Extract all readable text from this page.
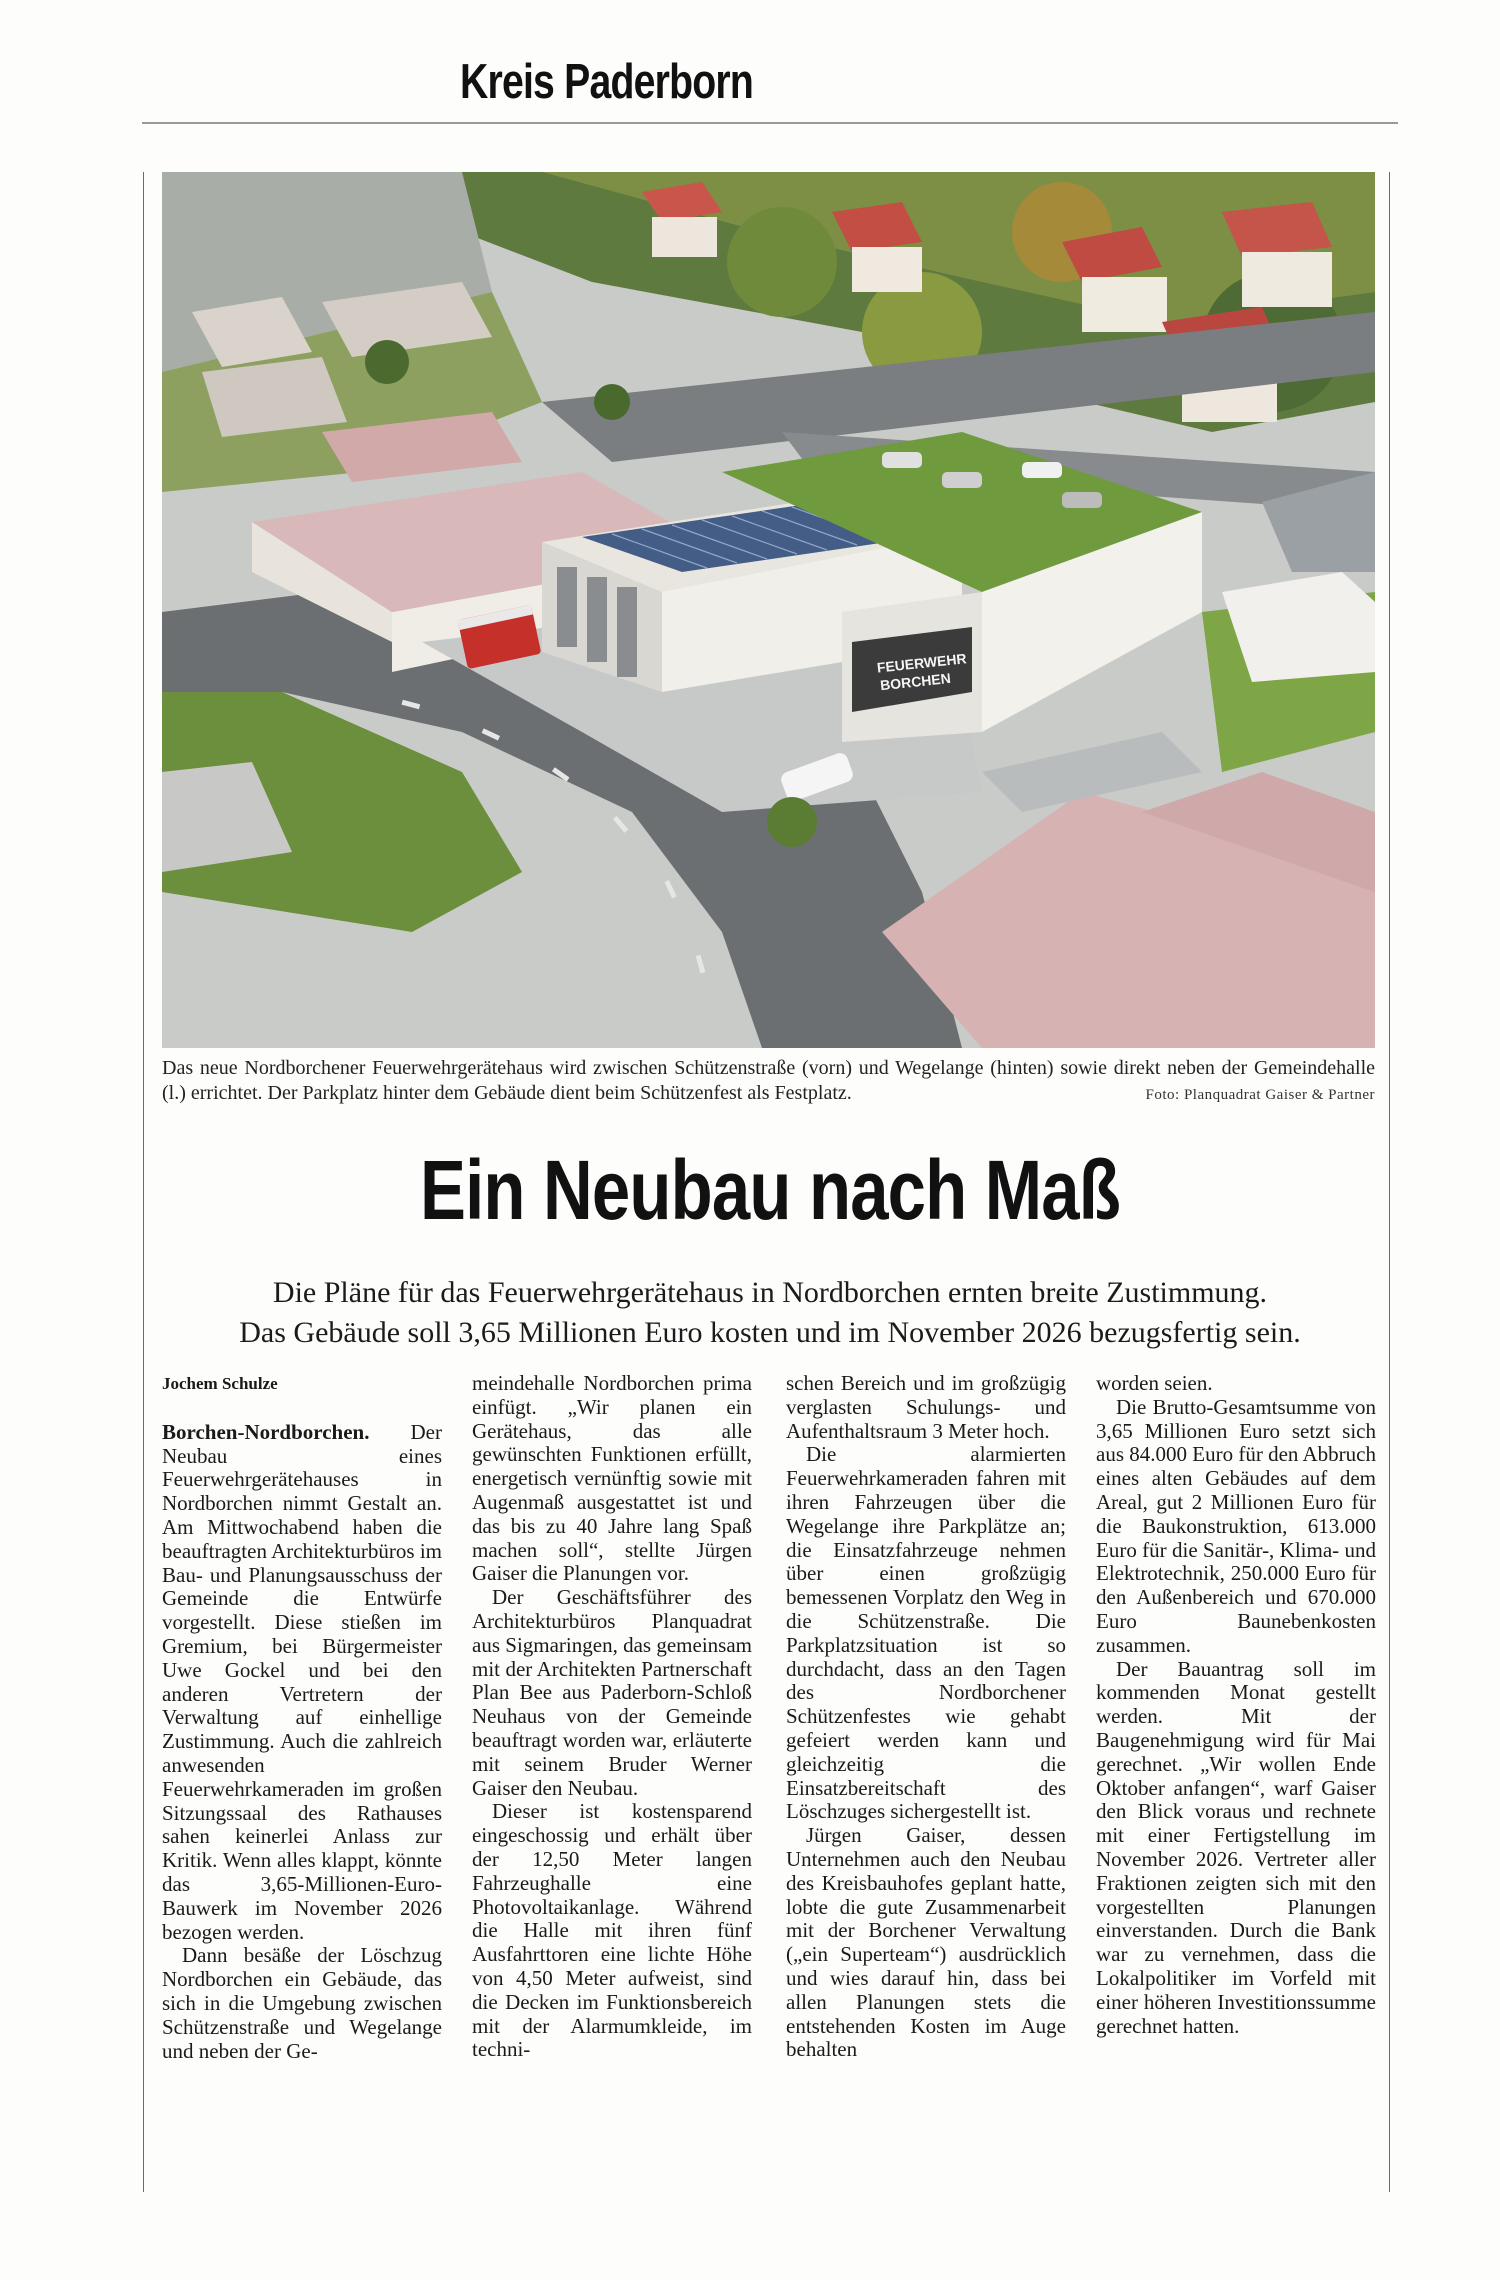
Kreis Paderborn
FEUERWEHR
BORCHEN

Das neue Nordborchener Feuerwehrgerätehaus wird zwischen Schützenstraße (vorn) und Wegelange (hinten) sowie direkt neben der Gemeindehalle (l.) errichtet. Der Parkplatz hinter dem Gebäude dient beim Schützenfest als Festplatz.	Foto: Planquadrat Gaiser & Partner
Ein Neubau nach Maß
Die Pläne für das Feuerwehrgerätehaus in Nordborchen ernten breite Zustimmung.
Das Gebäude soll 3,65 Millionen Euro kosten und im November 2026 bezugsfertig sein.
Jochem Schulze

Borchen-Nordborchen. Der Neubau eines Feuerwehrgerätehauses in Nordborchen nimmt Gestalt an. Am Mittwochabend haben die beauftragten Architekturbüros im Bau- und Planungsausschuss der Gemeinde die Entwürfe vorgestellt. Diese stießen im Gremium, bei Bürgermeister Uwe Gockel und bei den anderen Vertretern der Verwaltung auf einhellige Zustimmung. Auch die zahlreich anwesenden Feuerwehrkameraden im großen Sitzungssaal des Rathauses sahen keinerlei Anlass zur Kritik. Wenn alles klappt, könnte das 3,65-Millionen-Euro-Bauwerk im November 2026 bezogen werden.

Dann besäße der Löschzug Nordborchen ein Gebäude, das sich in die Umgebung zwischen Schützenstraße und Wegelange und neben der Ge-

meindehalle Nordborchen prima einfügt. „Wir planen ein Gerätehaus, das alle gewünschten Funktionen erfüllt, energetisch vernünftig sowie mit Augenmaß ausgestattet ist und das bis zu 40 Jahre lang Spaß machen soll“, stellte Jürgen Gaiser die Planungen vor.

Der Geschäftsführer des Architekturbüros Planquadrat aus Sigmaringen, das gemeinsam mit der Architekten Partnerschaft Plan Bee aus Paderborn-Schloß Neuhaus von der Gemeinde beauftragt worden war, erläuterte mit seinem Bruder Werner Gaiser den Neubau.

Dieser ist kostensparend eingeschossig und erhält über der 12,50 Meter langen Fahrzeughalle eine Photovoltaikanlage. Während die Halle mit ihren fünf Ausfahrttoren eine lichte Höhe von 4,50 Meter aufweist, sind die Decken im Funktionsbereich mit der Alarmumkleide, im techni-

schen Bereich und im großzügig verglasten Schulungs- und Aufenthaltsraum 3 Meter hoch.

Die alarmierten Feuerwehrkameraden fahren mit ihren Fahrzeugen über die Wegelange ihre Parkplätze an; die Einsatzfahrzeuge nehmen über einen großzügig bemessenen Vorplatz den Weg in die Schützenstraße. Die Parkplatzsituation ist so durchdacht, dass an den Tagen des Nordborchener Schützenfestes wie gehabt gefeiert werden kann und gleichzeitig die Einsatzbereitschaft des Löschzuges sichergestellt ist.

Jürgen Gaiser, dessen Unternehmen auch den Neubau des Kreisbauhofes geplant hatte, lobte die gute Zusammenarbeit mit der Borchener Verwaltung („ein Superteam“) ausdrücklich und wies darauf hin, dass bei allen Planungen stets die entstehenden Kosten im Auge behalten

worden seien.

Die Brutto-Gesamtsumme von 3,65 Millionen Euro setzt sich aus 84.000 Euro für den Abbruch eines alten Gebäudes auf dem Areal, gut 2 Millionen Euro für die Baukonstruktion, 613.000 Euro für die Sanitär-, Klima- und Elektrotechnik, 250.000 Euro für den Außenbereich und 670.000 Euro Baunebenkosten zusammen.

Der Bauantrag soll im kommenden Monat gestellt werden. Mit der Baugenehmigung wird für Mai gerechnet. „Wir wollen Ende Oktober anfangen“, warf Gaiser den Blick voraus und rechnete mit einer Fertigstellung im November 2026. Vertreter aller Fraktionen zeigten sich mit den vorgestellten Planungen einverstanden. Durch die Bank war zu vernehmen, dass die Lokalpolitiker im Vorfeld mit einer höheren Investitionssumme gerechnet hatten.
